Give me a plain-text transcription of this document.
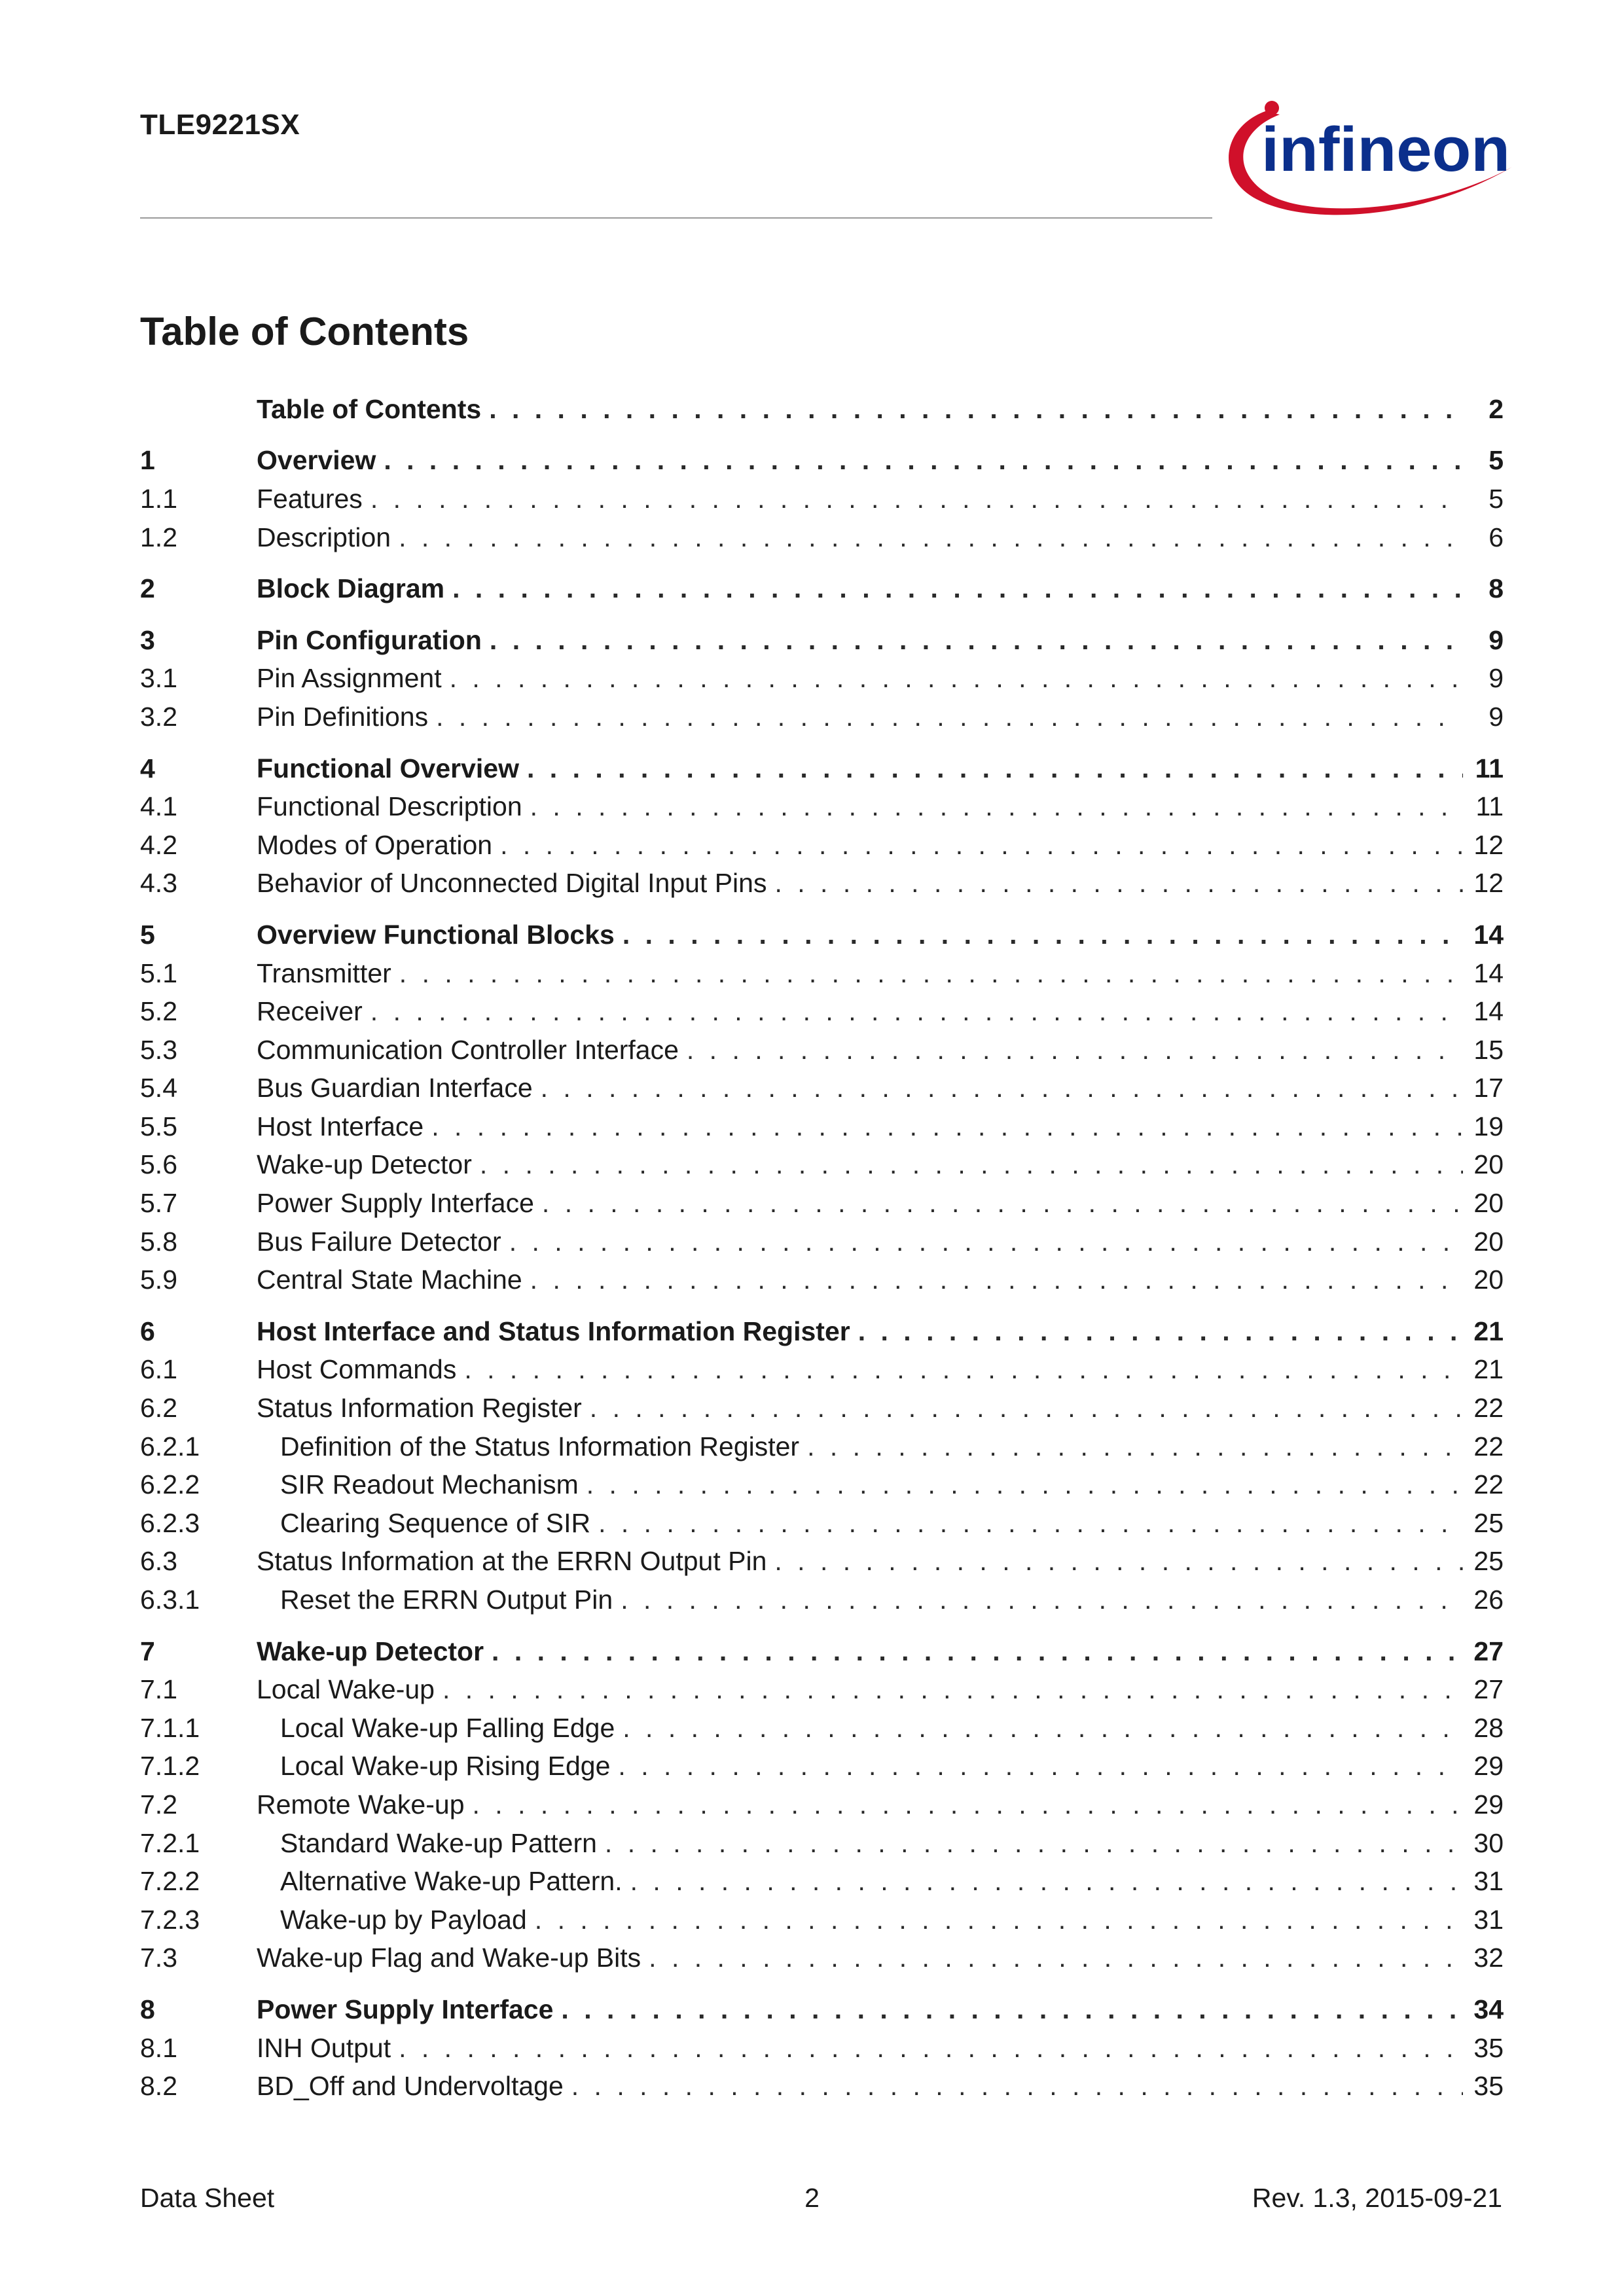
TLE9221SX	infineon
Table of Contents
Table of Contents . . .	2
1	Overview . . .	5
1.1	Features . . .	5
1.2	Description . . .	6
2	Block Diagram . . .	8
3	Pin Configuration . . .	9
3.1	Pin Assignment . . .	9
3.2	Pin Definitions . . .	9
4	Functional Overview . . .	11
4.1	Functional Description . . .	11
4.2	Modes of Operation . . .	12
4.3	Behavior of Unconnected Digital Input Pins . . .	12
5	Overview Functional Blocks . . .	14
5.1	Transmitter . . .	14
5.2	Receiver . . .	14
5.3	Communication Controller Interface . . .	15
5.4	Bus Guardian Interface . . .	17
5.5	Host Interface . . .	19
5.6	Wake-up Detector . . .	20
5.7	Power Supply Interface . . .	20
5.8	Bus Failure Detector . . .	20
5.9	Central State Machine . . .	20
6	Host Interface and Status Information Register . . .	21
6.1	Host Commands . . .	21
6.2	Status Information Register . . .	22
6.2.1	Definition of the Status Information Register . . .	22
6.2.2	SIR Readout Mechanism . . .	22
6.2.3	Clearing Sequence of SIR . . .	25
6.3	Status Information at the ERRN Output Pin . . .	25
6.3.1	Reset the ERRN Output Pin . . .	26
7	Wake-up Detector . . .	27
7.1	Local Wake-up . . .	27
7.1.1	Local Wake-up Falling Edge . . .	28
7.1.2	Local Wake-up Rising Edge . . .	29
7.2	Remote Wake-up . . .	29
7.2.1	Standard Wake-up Pattern . . .	30
7.2.2	Alternative Wake-up Pattern. . . .	31
7.2.3	Wake-up by Payload . . .	31
7.3	Wake-up Flag and Wake-up Bits . . .	32
8	Power Supply Interface . . .	34
8.1	INH Output . . .	35
8.2	BD_Off and Undervoltage . . .	35
Data Sheet	2	Rev. 1.3, 2015-09-21
